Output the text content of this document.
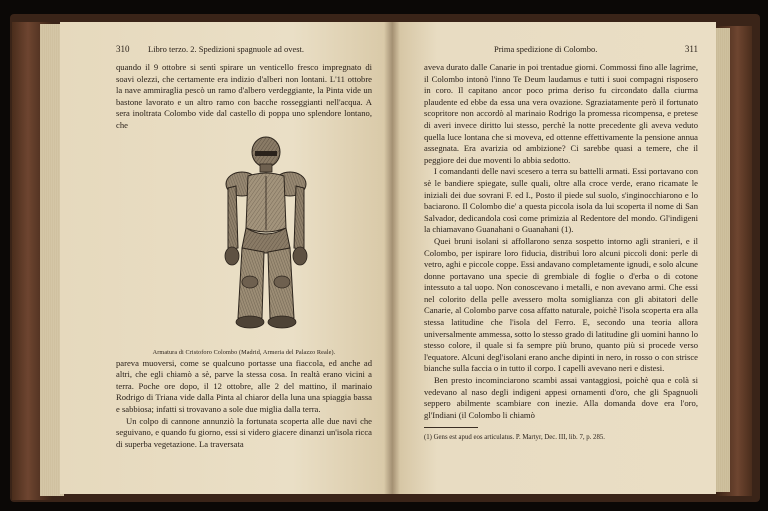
310 Libro terzo. 2. Spedizioni spagnuole ad ovest.

quando il 9 ottobre si sentì spirare un venticello fresco impregnato di soavi olezzi, che certamente era indizio d'alberi non lontani. L'11 ottobre la nave ammiraglia pescò un ramo d'albero verdeggiante, la Pinta vide un bastone lavorato e un altro ramo con bacche rosseggianti nell'acqua. A sera inoltrata Colombo vide dal castello di poppa uno splendore lontano, che

Armatura di Cristoforo Colombo (Madrid, Armeria del Palazzo Reale).

pareva muoversi, come se qualcuno portasse una fiaccola, ed anche ad altri, che egli chiamò a sè, parve la stessa cosa. In realtà erano vicini a terra. Poche ore dopo, il 12 ottobre, alle 2 del mattino, il marinaio Rodrigo di Triana vide dalla Pinta al chiaror della luna una spiaggia bassa e sabbiosa; infatti si trovavano a sole due miglia dalla terra.

Un colpo di cannone annunziò la fortunata scoperta alle due navi che seguivano, e quando fu giorno, essi si videro giacere dinanzi un'isola ricca di superba vegetazione. La traversata

Prima spedizione di Colombo.	311

aveva durato dalle Canarie in poi trentadue giorni. Commossi fino alle lagrime, il Colombo intonò l'inno Te Deum laudamus e tutti i suoi compagni risposero in coro. Il capitano ancor poco prima deriso fu circondato dalla ciurma plaudente ed ebbe da essa una vera ovazione. Sgraziatamente però il fortunato scopritore non accordò al marinaio Rodrigo la promessa ricompensa, e pretese di averi invece diritto lui stesso, perchè la notte precedente gli aveva veduto quella luce lontana che si moveva, ed ottenne effettivamente la pensione annua assegnata. Era avarizia od ambizione? Ci sarebbe quasi a temere, che il peggiore dei due moventi lo abbia sedotto.

I comandanti delle navi scesero a terra su battelli armati. Essi portavano con sè le bandiere spiegate, sulle quali, oltre alla croce verde, erano ricamate le iniziali dei due sovrani F. ed I., Posto il piede sul suolo, s'inginocchiarono e lo baciarono. Il Colombo die' a questa piccola isola da lui scoperta il nome di San Salvador, dedicandola così come primizia al Redentore del mondo. Gl'indigeni la chiamavano Guanahani o Guanahani (1).

Quei bruni isolani si affollarono senza sospetto intorno agli stranieri, e il Colombo, per ispirare loro fiducia, distribuì loro alcuni piccoli doni: perle di vetro, aghi e piccole coppe. Essi andavano completamente ignudi, e solo alcune donne portavano una specie di grembiale di foglie o d'erba o di cotone intessuto a tal uopo. Non conoscevano i metalli, e non avevano armi. Che essi nel colorito della pelle avessero molta somiglianza con gli abitatori delle Canarie, al Colombo parve cosa affatto naturale, poichè l'isola scoperta era alla stessa latitudine che l'isola del Ferro. E, secondo una teoria allora universalmente ammessa, sotto lo stesso grado di latitudine gli uomini hanno lo stesso colore, il quale si fa sempre più bruno, quanto più si procede verso l'equatore. Alcuni degl'isolani erano anche dipinti in nero, in rosso o con strisce bianche sulla faccia o in tutto il corpo. I capelli avevano neri e distesi.

Ben presto incominciarono scambi assai vantaggiosi, poichè qua e colà si vedevano al naso degli indigeni appesi ornamenti d'oro, che gli Spagnuoli seppero abilmente scambiare con inezie. Alla domanda dove era l'oro, gl'Indiani (il Colombo li chiamò

(1) Gens est apud eos articulatus. P. Martyr, Dec. III, lib. 7, p. 285.
